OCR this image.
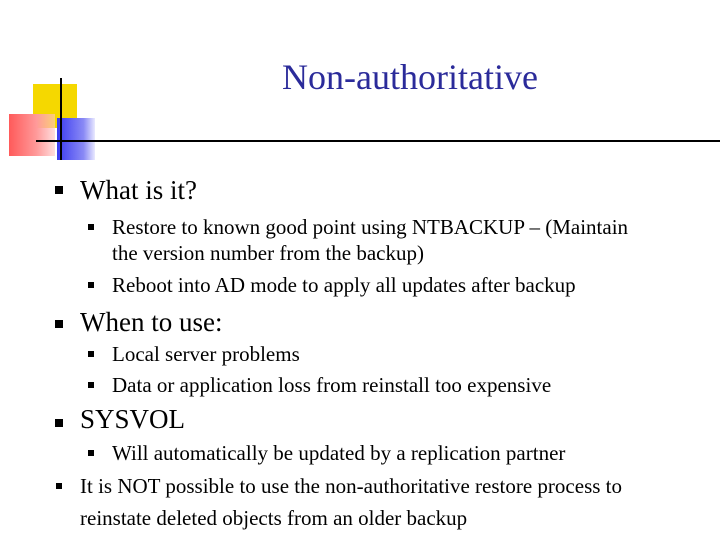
Non-authoritative
What is it?
Restore to known good point using NTBACKUP – (Maintain
the version number from the backup)
Reboot into AD mode to apply all updates after backup
When to use:
Local server problems
Data or application loss from reinstall too expensive
SYSVOL
Will automatically be updated by a replication partner
It is NOT possible to use the non-authoritative restore process to
reinstate deleted objects from an older backup
